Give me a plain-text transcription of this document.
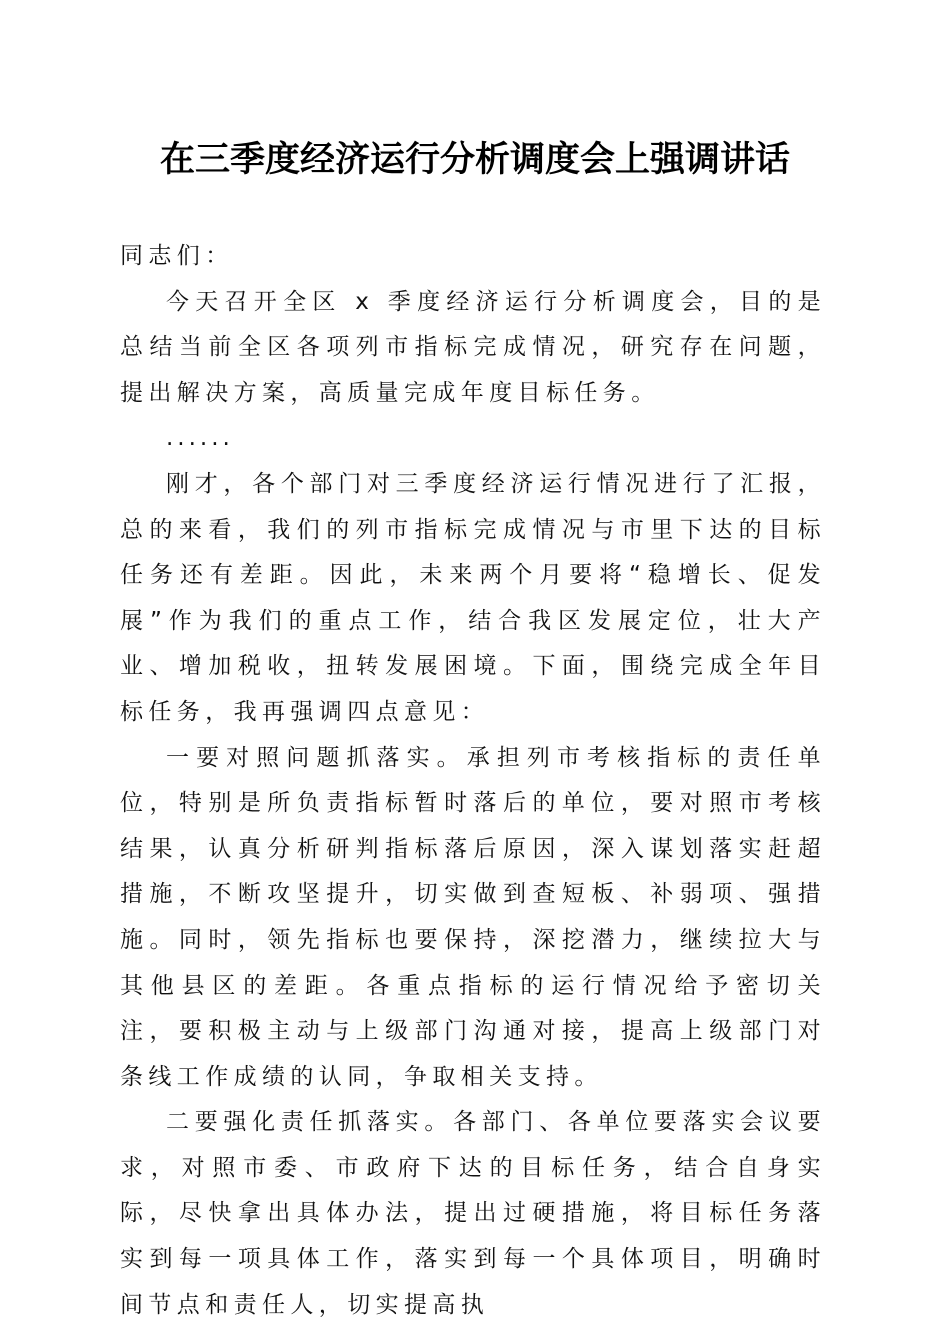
在三季度经济运行分析调度会上强调讲话

同志们：

今天召开全区 x 季度经济运行分析调度会，目的是总结当前全区各项列市指标完成情况，研究存在问题，提出解决方案，高质量完成年度目标任务。

......

刚才，各个部门对三季度经济运行情况进行了汇报，总的来看，我们的列市指标完成情况与市里下达的目标任务还有差距。因此，未来两个月要将“稳增长、促发展”作为我们的重点工作，结合我区发展定位，壮大产业、增加税收，扭转发展困境。下面，围绕完成全年目标任务，我再强调四点意见：

一要对照问题抓落实。承担列市考核指标的责任单位，特别是所负责指标暂时落后的单位，要对照市考核结果，认真分析研判指标落后原因，深入谋划落实赶超措施，不断攻坚提升，切实做到查短板、补弱项、强措施。同时，领先指标也要保持，深挖潜力，继续拉大与其他县区的差距。各重点指标的运行情况给予密切关注，要积极主动与上级部门沟通对接，提高上级部门对条线工作成绩的认同，争取相关支持。

二要强化责任抓落实。各部门、各单位要落实会议要求，对照市委、市政府下达的目标任务，结合自身实际，尽快拿出具体办法，提出过硬措施，将目标任务落实到每一项具体工作，落实到每一个具体项目，明确时间节点和责任人，切实提高执
